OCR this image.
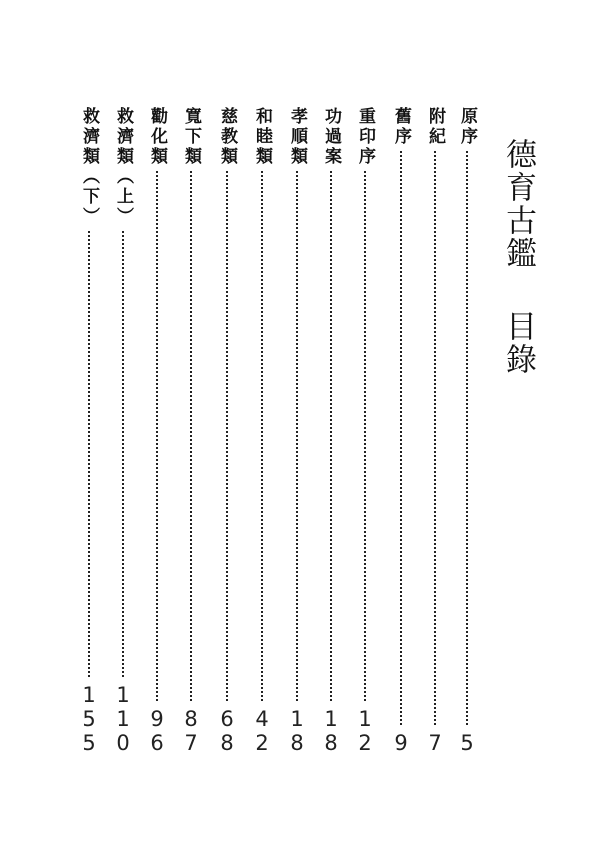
德育古鑑目錄
原序
5
附紀
7
舊序
9
重印序
1
2
功過案
1
8
孝順類
1
8
和睦類
4
2
慈教類
6
8
寬下類
8
7
勸化類
9
6
救濟類（上）
1
1
0
救濟類（下）
1
5
5
